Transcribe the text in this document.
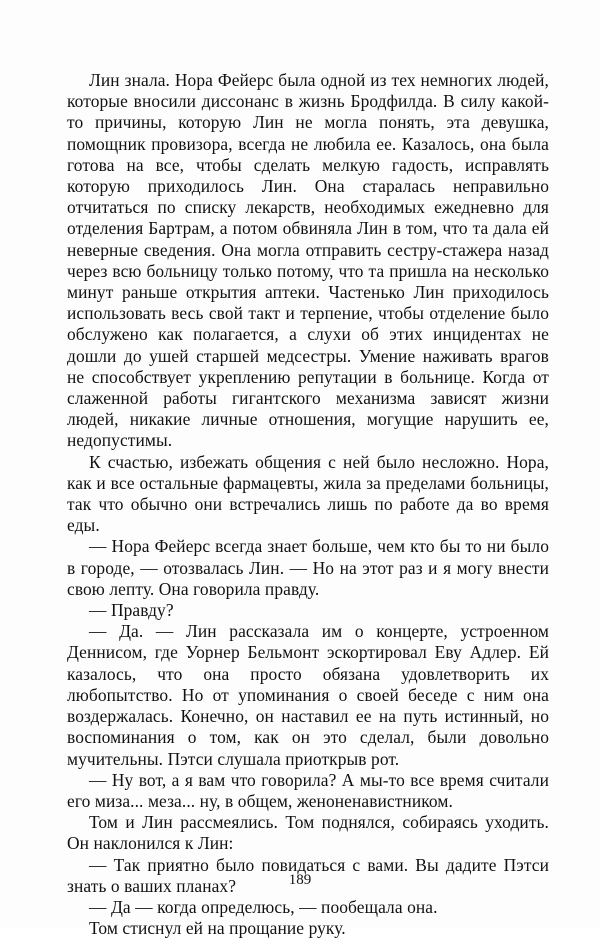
Лин знала. Нора Фейерс была одной из тех немногих людей, которые вносили диссонанс в жизнь Бродфилда. В силу какой-то причины, которую Лин не могла понять, эта девушка, помощник провизора, всегда не любила ее. Казалось, она была готова на все, чтобы сделать мелкую гадость, исправлять которую приходилось Лин. Она старалась неправильно отчитаться по списку лекарств, необходимых ежедневно для отделения Бартрам, а потом обвиняла Лин в том, что та дала ей неверные сведения. Она могла отправить сестру-стажера назад через всю больницу только потому, что та пришла на несколько минут раньше открытия аптеки. Частенько Лин приходилось использовать весь свой такт и терпение, чтобы отделение было обслужено как полагается, а слухи об этих инцидентах не дошли до ушей старшей медсестры. Умение наживать врагов не способствует укреплению репутации в больнице. Когда от слаженной работы гигантского механизма зависят жизни людей, никакие личные отношения, могущие нарушить ее, недопустимы.

К счастью, избежать общения с ней было несложно. Нора, как и все остальные фармацевты, жила за пределами больницы, так что обычно они встречались лишь по работе да во время еды.

— Нора Фейерс всегда знает больше, чем кто бы то ни было в городе, — отозвалась Лин. — Но на этот раз и я могу внести свою лепту. Она говорила правду.

— Правду?

— Да. — Лин рассказала им о концерте, устроенном Деннисом, где Уорнер Бельмонт эскортировал Еву Адлер. Ей казалось, что она просто обязана удовлетворить их любопытство. Но от упоминания о своей беседе с ним она воздержалась. Конечно, он наставил ее на путь истинный, но воспоминания о том, как он это сделал, были довольно мучительны. Пэтси слушала приоткрыв рот.

— Ну вот, а я вам что говорила? А мы-то все время считали его миза... меза... ну, в общем, женоненавистником.

Том и Лин рассмеялись. Том поднялся, собираясь уходить. Он наклонился к Лин:

— Так приятно было повидаться с вами. Вы дадите Пэтси знать о ваших планах?

— Да — когда определюсь, — пообещала она.

Том стиснул ей на прощание руку.

189
